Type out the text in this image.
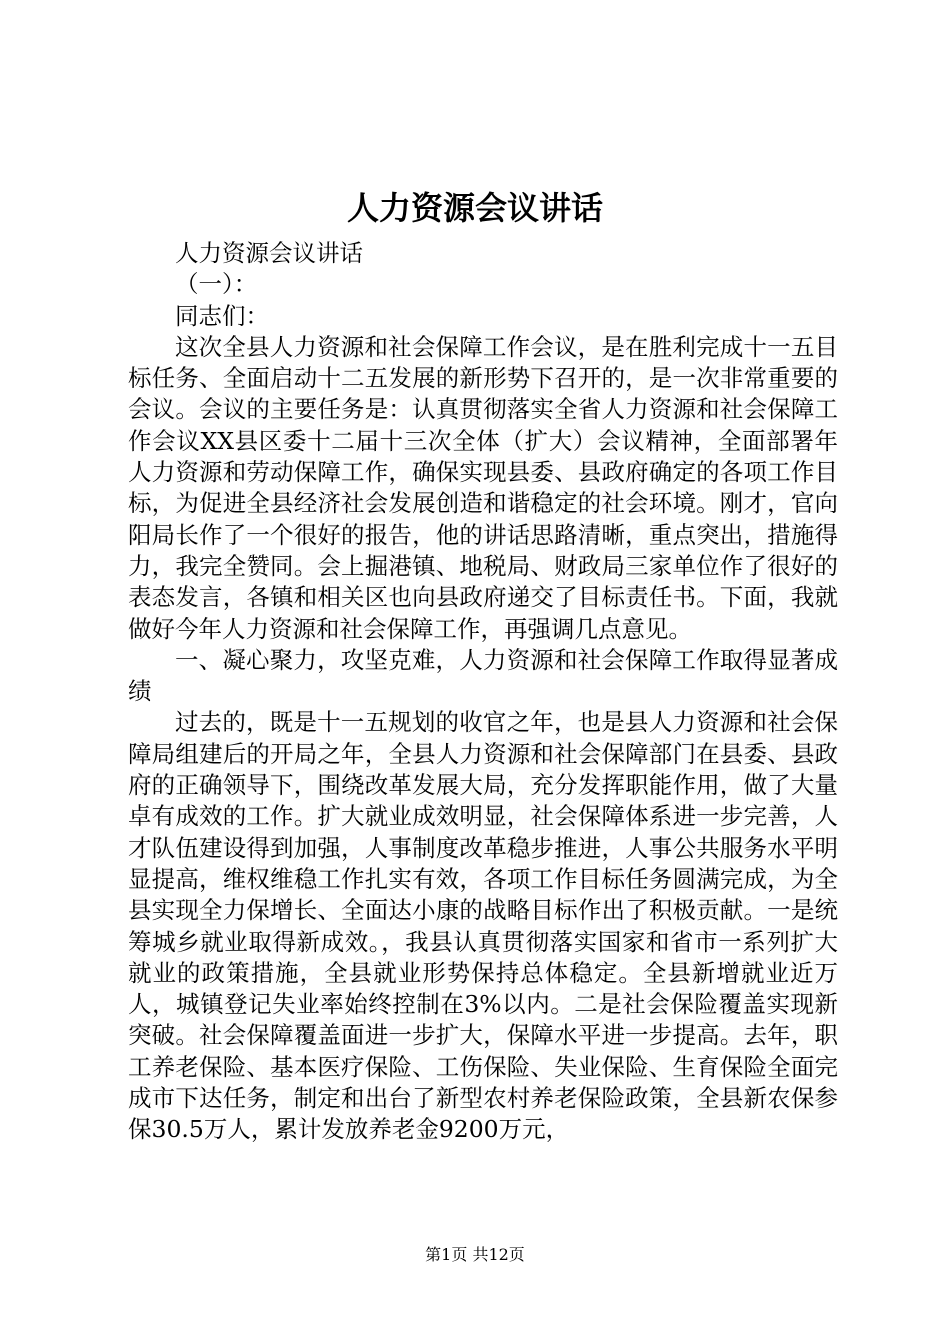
人力资源会议讲话

人力资源会议讲话

（一）：

同志们：

这次全县人力资源和社会保障工作会议，是在胜利完成十一五目标任务、全面启动十二五发展的新形势下召开的，是一次非常重要的会议。会议的主要任务是：认真贯彻落实全省人力资源和社会保障工作会议XX县区委十二届十三次全体（扩大）会议精神，全面部署年人力资源和劳动保障工作，确保实现县委、县政府确定的各项工作目标，为促进全县经济社会发展创造和谐稳定的社会环境。刚才，官向阳局长作了一个很好的报告，他的讲话思路清晰，重点突出，措施得力，我完全赞同。会上掘港镇、地税局、财政局三家单位作了很好的表态发言，各镇和相关区也向县政府递交了目标责任书。下面，我就做好今年人力资源和社会保障工作，再强调几点意见。

一、凝心聚力，攻坚克难，人力资源和社会保障工作取得显著成绩

过去的，既是十一五规划的收官之年，也是县人力资源和社会保障局组建后的开局之年，全县人力资源和社会保障部门在县委、县政府的正确领导下，围绕改革发展大局，充分发挥职能作用，做了大量卓有成效的工作。扩大就业成效明显，社会保障体系进一步完善，人才队伍建设得到加强，人事制度改革稳步推进，人事公共服务水平明显提高，维权维稳工作扎实有效，各项工作目标任务圆满完成，为全县实现全力保增长、全面达小康的战略目标作出了积极贡献。一是统筹城乡就业取得新成效。，我县认真贯彻落实国家和省市一系列扩大就业的政策措施，全县就业形势保持总体稳定。全县新增就业近万人，城镇登记失业率始终控制在3%以内。二是社会保险覆盖实现新突破。社会保障覆盖面进一步扩大，保障水平进一步提高。去年，职工养老保险、基本医疗保险、工伤保险、失业保险、生育保险全面完成市下达任务，制定和出台了新型农村养老保险政策，全县新农保参保30.5万人，累计发放养老金9200万元，

第1页 共12页
